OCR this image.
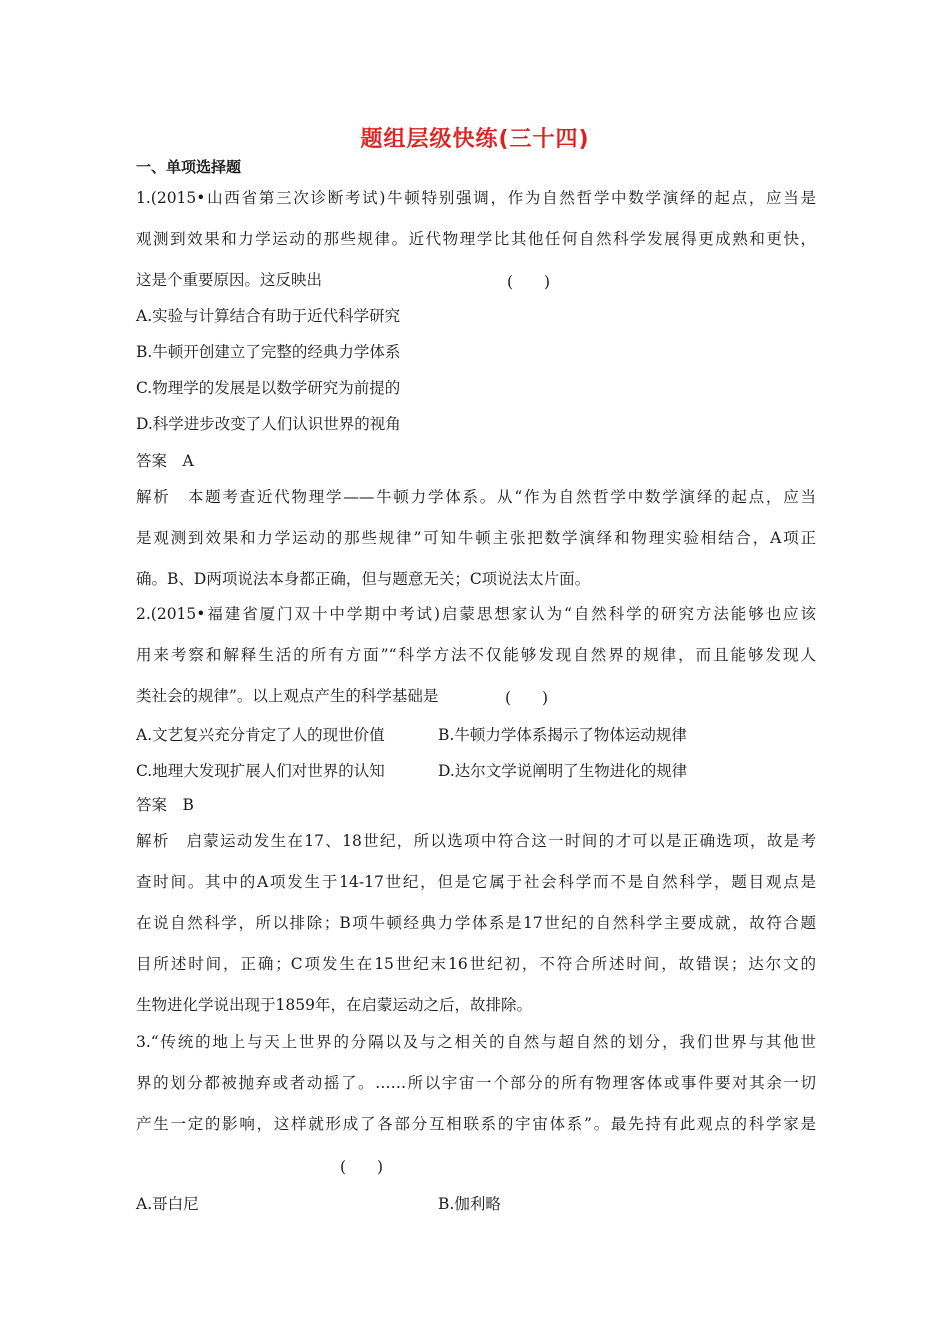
题组层级快练(三十四)
一、单项选择题
1.(2015•山西省第三次诊断考试)牛顿特别强调，作为自然哲学中数学演绎的起点，应当是
观测到效果和力学运动的那些规律。近代物理学比其他任何自然科学发展得更成熟和更快，
这是个重要原因。这反映出	(　　)
A.实验与计算结合有助于近代科学研究
B.牛顿开创建立了完整的经典力学体系
C.物理学的发展是以数学研究为前提的
D.科学进步改变了人们认识世界的视角
答案　A
解析　本题考查近代物理学——牛顿力学体系。从“作为自然哲学中数学演绎的起点，应当
是观测到效果和力学运动的那些规律”可知牛顿主张把数学演绎和物理实验相结合，A项正
确。B、D两项说法本身都正确，但与题意无关；C项说法太片面。
2.(2015•福建省厦门双十中学期中考试)启蒙思想家认为“自然科学的研究方法能够也应该
用来考察和解释生活的所有方面”“科学方法不仅能够发现自然界的规律，而且能够发现人
类社会的规律”。以上观点产生的科学基础是	(　　)
A.文艺复兴充分肯定了人的现世价值	B.牛顿力学体系揭示了物体运动规律
C.地理大发现扩展人们对世界的认知	D.达尔文学说阐明了生物进化的规律
答案　B
解析　启蒙运动发生在17、18世纪，所以选项中符合这一时间的才可以是正确选项，故是考
查时间。其中的A项发生于14-17世纪，但是它属于社会科学而不是自然科学，题目观点是
在说自然科学，所以排除；B项牛顿经典力学体系是17世纪的自然科学主要成就，故符合题
目所述时间，正确；C项发生在15世纪末16世纪初，不符合所述时间，故错误；达尔文的
生物进化学说出现于1859年，在启蒙运动之后，故排除。
3.“传统的地上与天上世界的分隔以及与之相关的自然与超自然的划分，我们世界与其他世
界的划分都被抛弃或者动摇了。……所以宇宙一个部分的所有物理客体或事件要对其余一切
产生一定的影响，这样就形成了各部分互相联系的宇宙体系”。最先持有此观点的科学家是
(　　)
A.哥白尼	B.伽利略
